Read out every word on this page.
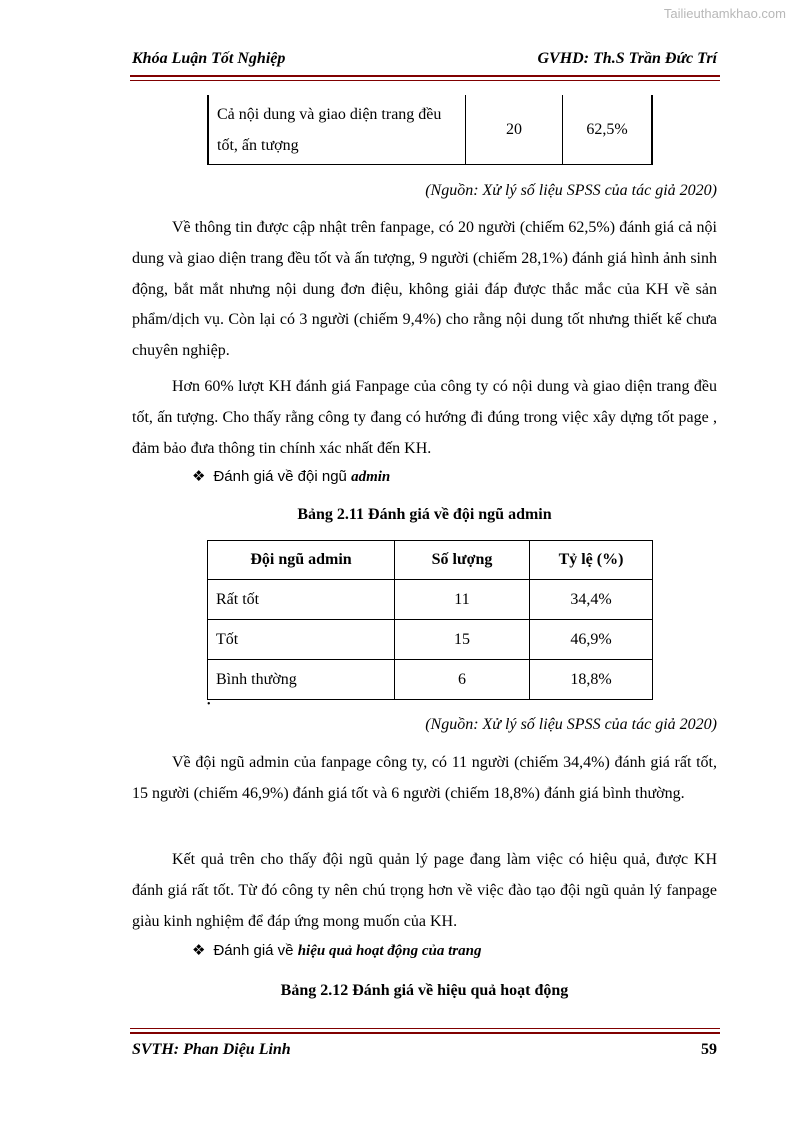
Tailieuthamkhao.com
Khóa Luận Tốt Nghiệp	GVHD: Th.S Trần Đức Trí
Cả nội dung và giao diện trang đều tốt, ấn tượng	20	62,5%
(Nguồn: Xử lý số liệu SPSS của tác giả 2020)

Về thông tin được cập nhật trên fanpage, có 20 người (chiếm 62,5%) đánh giá cả nội dung và giao diện trang đều tốt và ấn tượng, 9 người (chiếm 28,1%) đánh giá hình ảnh sinh động, bắt mắt nhưng nội dung đơn điệu, không giải đáp được thắc mắc của KH về sản phẩm/dịch vụ. Còn lại có 3 người (chiếm 9,4%) cho rằng nội dung tốt nhưng thiết kế chưa chuyên nghiệp.

Hơn 60% lượt KH đánh giá Fanpage của công ty có nội dung và giao diện trang đều tốt, ấn tượng. Cho thấy rằng công ty đang có hướng đi đúng trong việc xây dựng tốt page , đảm bảo đưa thông tin chính xác nhất đến KH.

❖ Đánh giá về đội ngũ admin
Bảng 2.11 Đánh giá về đội ngũ admin
Đội ngũ admin	Số lượng	Tỷ lệ (%)
Rất tốt	11	34,4%
Tốt	15	46,9%
Bình thường	6	18,8%
•
(Nguồn: Xử lý số liệu SPSS của tác giả 2020)

Về đội ngũ admin của fanpage công ty, có 11 người (chiếm 34,4%) đánh giá rất tốt, 15 người (chiếm 46,9%) đánh giá tốt và 6 người (chiếm 18,8%) đánh giá bình thường.

Kết quả trên cho thấy đội ngũ quản lý page đang làm việc có hiệu quả, được KH đánh giá rất tốt. Từ đó công ty nên chú trọng hơn về việc đào tạo đội ngũ quản lý fanpage giàu kinh nghiệm để đáp ứng mong muốn của KH.

❖ Đánh giá về hiệu quả hoạt động của trang
Bảng 2.12 Đánh giá về hiệu quả hoạt động
SVTH: Phan Diệu Linh	59
